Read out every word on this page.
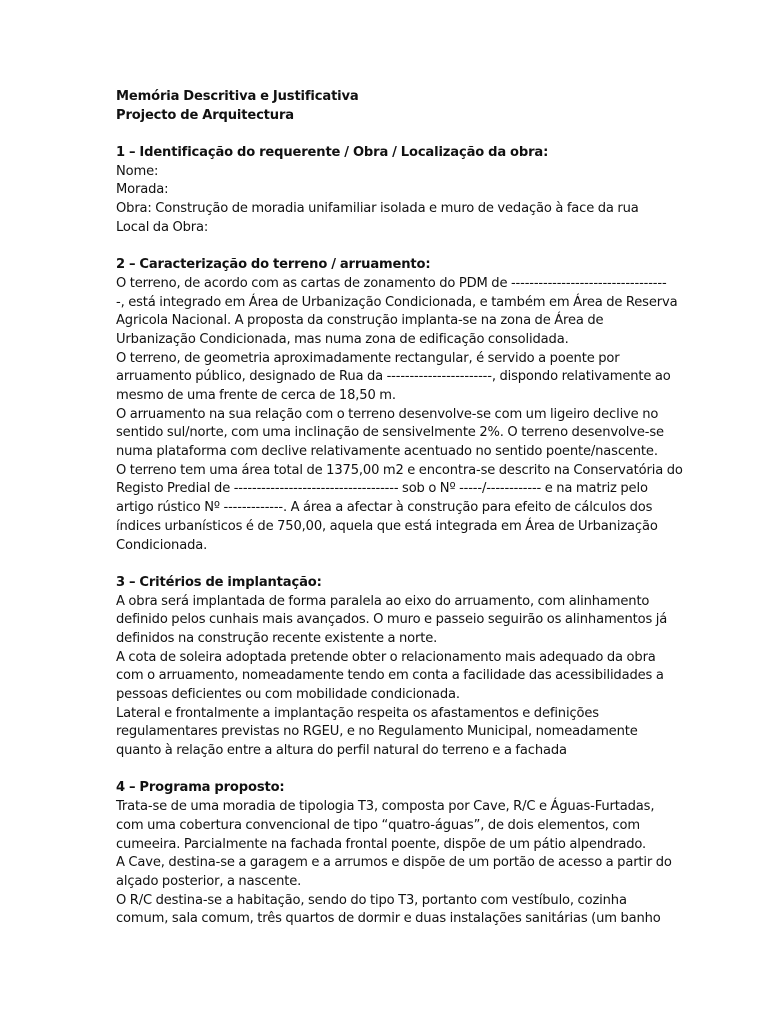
Memória Descritiva e Justificativa
Projecto de Arquitectura
1 – Identificação do requerente / Obra / Localização da obra:
Nome:
Morada:
Obra: Construção de moradia unifamiliar isolada e muro de vedação à face da rua
Local da Obra:
2 – Caracterização do terreno / arruamento:
O terreno, de acordo com as cartas de zonamento do PDM de ----------------------------------
-, está integrado em Área de Urbanização Condicionada, e também em Área de Reserva
Agricola Nacional. A proposta da construção implanta-se na zona de Área de
Urbanização Condicionada, mas numa zona de edificação consolidada.
O terreno, de geometria aproximadamente rectangular, é servido a poente por
arruamento público, designado de Rua da -----------------------, dispondo relativamente ao
mesmo de uma frente de cerca de 18,50 m.
O arruamento na sua relação com o terreno desenvolve-se com um ligeiro declive no
sentido sul/norte, com uma inclinação de sensivelmente 2%. O terreno desenvolve-se
numa plataforma com declive relativamente acentuado no sentido poente/nascente.
O terreno tem uma área total de 1375,00 m2 e encontra-se descrito na Conservatória do
Registo Predial de ------------------------------------ sob o Nº -----/------------ e na matriz pelo
artigo rústico Nº -------------. A área a afectar à construção para efeito de cálculos dos
índices urbanísticos é de 750,00, aquela que está integrada em Área de Urbanização
Condicionada.
3 – Critérios de implantação:
A obra será implantada de forma paralela ao eixo do arruamento, com alinhamento
definido pelos cunhais mais avançados. O muro e passeio seguirão os alinhamentos já
definidos na construção recente existente a norte.
A cota de soleira adoptada pretende obter o relacionamento mais adequado da obra
com o arruamento, nomeadamente tendo em conta a facilidade das acessibilidades a
pessoas deficientes ou com mobilidade condicionada.
Lateral e frontalmente a implantação respeita os afastamentos e definições
regulamentares previstas no RGEU, e no Regulamento Municipal, nomeadamente
quanto à relação entre a altura do perfil natural do terreno e a fachada
4 – Programa proposto:
Trata-se de uma moradia de tipologia T3, composta por Cave, R/C e Águas-Furtadas,
com uma cobertura convencional de tipo “quatro-águas”, de dois elementos, com
cumeeira. Parcialmente na fachada frontal poente, dispõe de um pátio alpendrado.
A Cave, destina-se a garagem e a arrumos e dispõe de um portão de acesso a partir do
alçado posterior, a nascente.
O R/C destina-se a habitação, sendo do tipo T3, portanto com vestíbulo, cozinha
comum, sala comum, três quartos de dormir e duas instalações sanitárias (um banho
